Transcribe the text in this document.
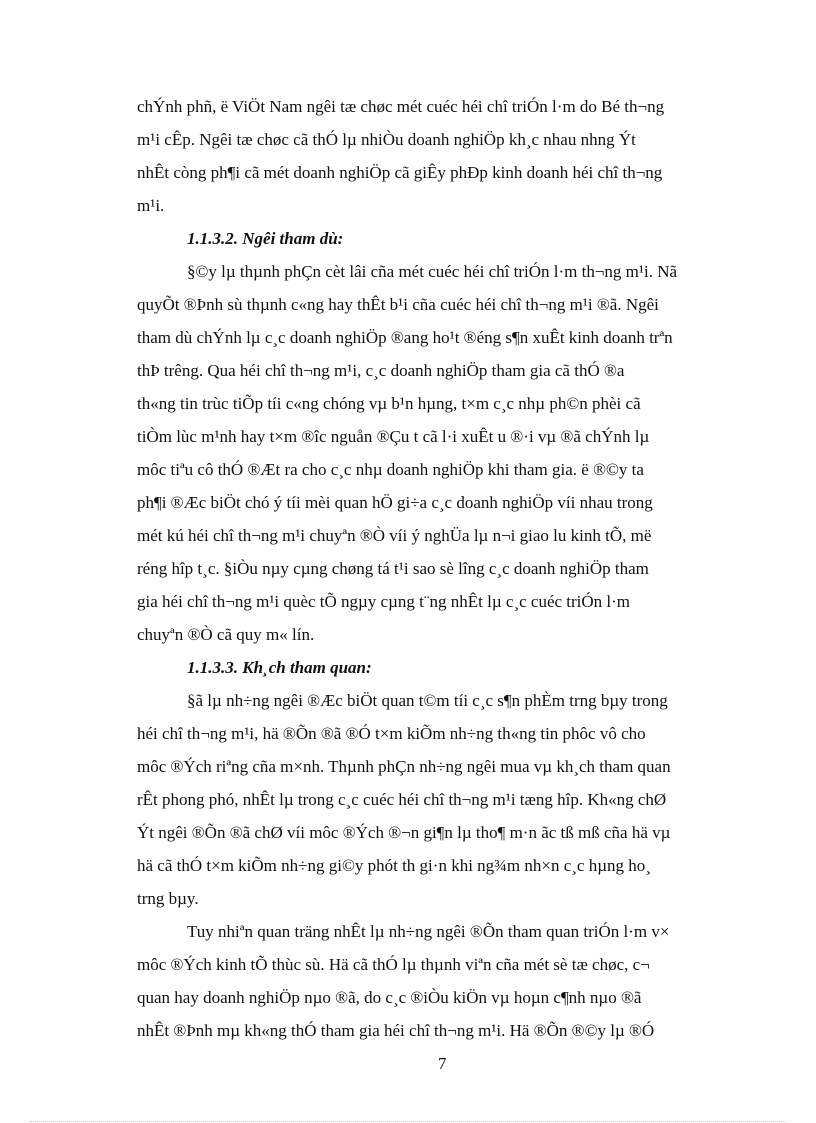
chÝnh phñ, ë ViÖt Nam ngêi tæ chøc mét cuéc héi chî triÓn l·m do Bé th¬ng
m¹i cÊp. Ngêi tæ chøc cã thÓ lµ nhiÒu doanh nghiÖp kh¸c nhau nhng Ýt
nhÊt còng ph¶i cã mét doanh nghiÖp cã giÊy phÐp kinh doanh héi chî th¬ng
m¹i.
1.1.3.2. Ngêi tham dù:
§©y lµ thµnh phÇn cèt lâi cña mét cuéc héi chî triÓn l·m th¬ng m¹i. Nã
quyÕt ®Þnh sù thµnh c«ng hay thÊt b¹i cña cuéc héi chî th¬ng m¹i ®ã. Ngêi
tham dù chÝnh lµ c¸c doanh nghiÖp ®ang ho¹t ®éng s¶n xuÊt kinh doanh trªn
thÞ trêng. Qua héi chî th¬ng m¹i, c¸c doanh nghiÖp tham gia cã thÓ ®a
th«ng tin trùc tiÕp tíi c«ng chóng vµ b¹n hµng, t×m c¸c nhµ ph©n phèi cã
tiÒm lùc m¹nh hay t×m ®îc nguån ®Çu t cã l·i xuÊt u ®·i vµ ®ã chÝnh lµ
môc tiªu cô thÓ ®Æt ra cho c¸c nhµ doanh nghiÖp khi tham gia. ë ®©y ta
ph¶i ®Æc biÖt chó ý tíi mèi quan hÖ gi÷a c¸c doanh nghiÖp víi nhau trong
mét kú héi chî th¬ng m¹i chuyªn ®Ò víi ý nghÜa lµ n¬i giao lu kinh tÕ, më
réng hîp t¸c. §iÒu nµy cµng chøng tá t¹i sao sè lîng c¸c doanh nghiÖp tham
gia héi chî th¬ng m¹i quèc tÕ ngµy cµng t¨ng nhÊt lµ c¸c cuéc triÓn l·m
chuyªn ®Ò cã quy m« lín.
1.1.3.3. Kh¸ch tham quan:
§ã lµ nh÷ng ngêi ®Æc biÖt quan t©m tíi c¸c s¶n phÈm trng bµy trong
héi chî th¬ng m¹i, hä ®Õn ®ã ®Ó t×m kiÕm nh÷ng th«ng tin phôc vô cho
môc ®Ých riªng cña m×nh. Thµnh phÇn nh÷ng ngêi mua vµ kh¸ch tham quan
rÊt phong phó, nhÊt lµ trong c¸c cuéc héi chî th¬ng m¹i tæng hîp. Kh«ng chØ
Ýt ngêi ®Õn ®ã chØ víi môc ®Ých ®¬n gi¶n lµ tho¶ m·n ãc tß mß cña hä vµ
hä cã thÓ t×m kiÕm nh÷ng gi©y phót th gi·n khi ng¾m nh×n c¸c hµng ho¸
trng bµy.
Tuy nhiªn quan träng nhÊt lµ nh÷ng ngêi ®Õn tham quan triÓn l·m v×
môc ®Ých kinh tÕ thùc sù. Hä cã thÓ lµ thµnh viªn cña mét sè tæ chøc, c¬
quan hay doanh nghiÖp nµo ®ã, do c¸c ®iÒu kiÖn vµ hoµn c¶nh nµo ®ã
nhÊt ®Þnh mµ kh«ng thÓ tham gia héi chî th¬ng m¹i. Hä ®Õn ®©y lµ ®Ó
7
